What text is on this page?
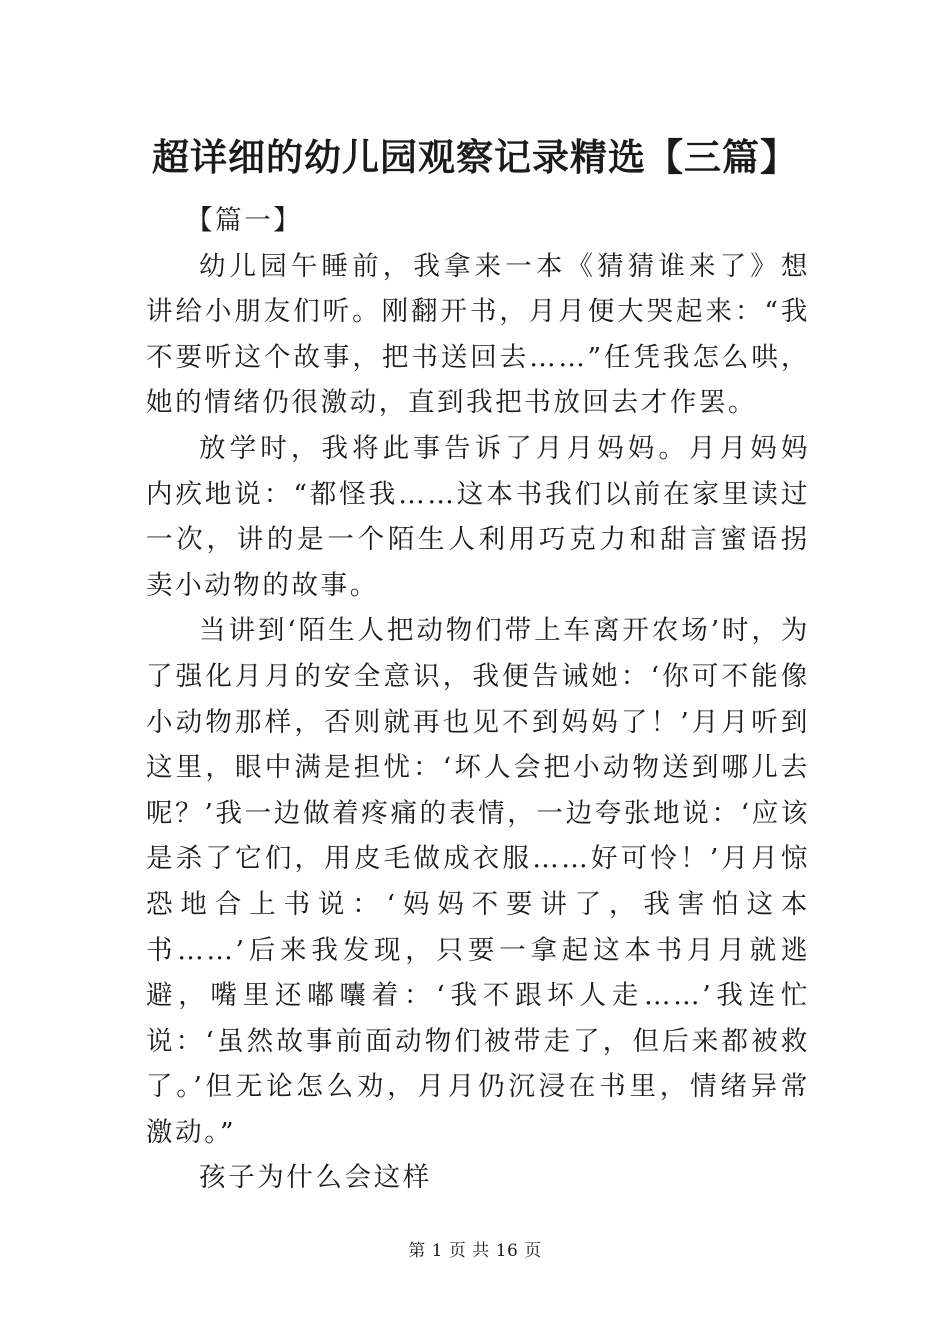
超详细的幼儿园观察记录精选【三篇】

【篇一】

幼儿园午睡前，我拿来一本《猜猜谁来了》想讲给小朋友们听。刚翻开书，月月便大哭起来：“我不要听这个故事，把书送回去……”任凭我怎么哄，她的情绪仍很激动，直到我把书放回去才作罢。

放学时，我将此事告诉了月月妈妈。月月妈妈内疚地说：“都怪我……这本书我们以前在家里读过一次，讲的是一个陌生人利用巧克力和甜言蜜语拐卖小动物的故事。

当讲到‘陌生人把动物们带上车离开农场’时，为了强化月月的安全意识，我便告诫她：‘你可不能像小动物那样，否则就再也见不到妈妈了！’月月听到这里，眼中满是担忧：‘坏人会把小动物送到哪儿去呢？’我一边做着疼痛的表情，一边夸张地说：‘应该是杀了它们，用皮毛做成衣服……好可怜！’月月惊恐地合上书说：‘妈妈不要讲了，我害怕这本书……’后来我发现，只要一拿起这本书月月就逃避，嘴里还嘟囔着：‘我不跟坏人走……’我连忙说：‘虽然故事前面动物们被带走了，但后来都被救了。’但无论怎么劝，月月仍沉浸在书里，情绪异常激动。”

孩子为什么会这样

第 1 页 共 16 页
